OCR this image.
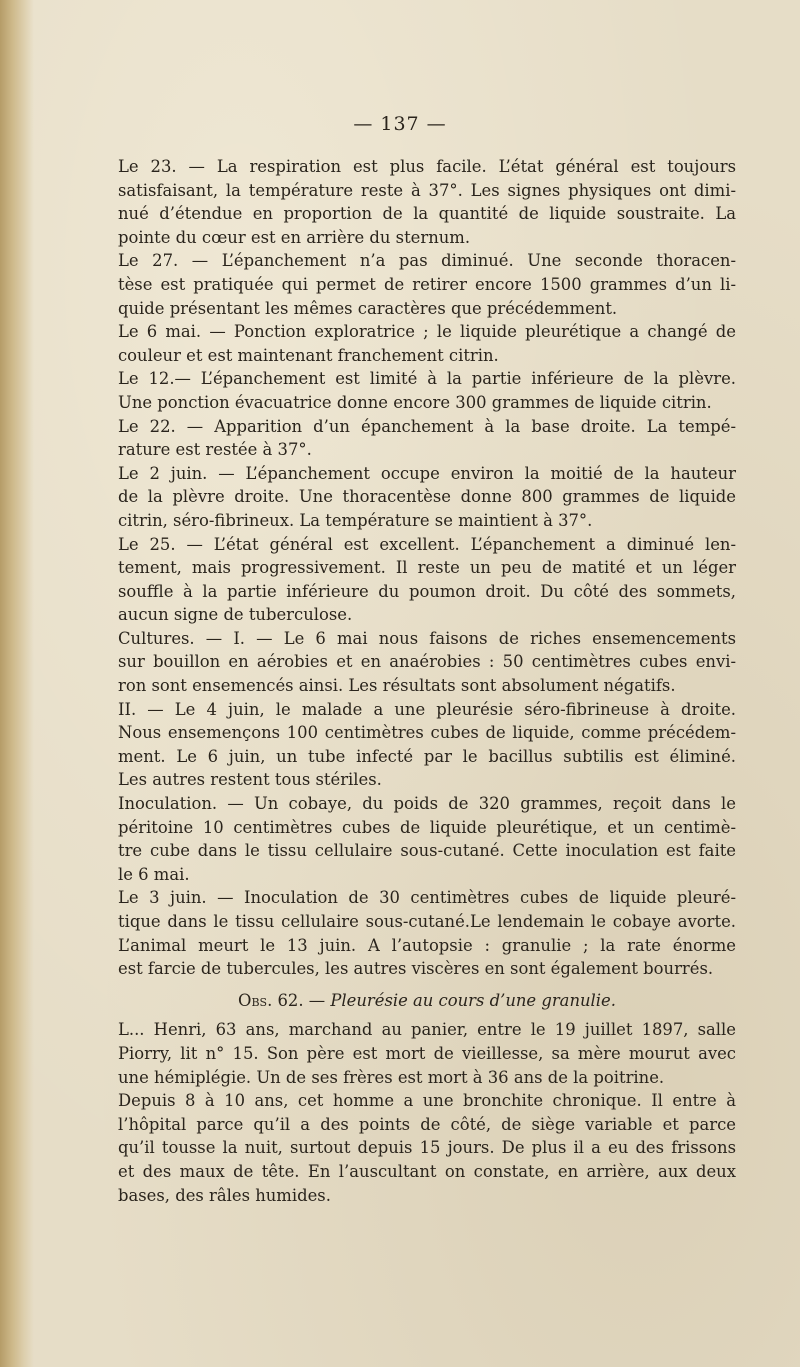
— 137 —

Le 23. — La respiration est plus facile. L’état général est toujours
satisfaisant, la température reste à 37°. Les signes physiques ont dimi-
nué d’étendue en proportion de la quantité de liquide soustraite. La
pointe du cœur est en arrière du sternum.

Le 27. — L’épanchement n’a pas diminué. Une seconde thoracen-
tèse est pratiquée qui permet de retirer encore 1500 grammes d’un li-
quide présentant les mêmes caractères que précédemment.

Le 6 mai. — Ponction exploratrice ; le liquide pleurétique a changé de
couleur et est maintenant franchement citrin.

Le 12.— L’épanchement est limité à la partie inférieure de la plèvre.
Une ponction évacuatrice donne encore 300 grammes de liquide citrin.

Le 22. — Apparition d’un épanchement à la base droite. La tempé-
rature est restée à 37°.

Le 2 juin. — L’épanchement occupe environ la moitié de la hauteur
de la plèvre droite. Une thoracentèse donne 800 grammes de liquide
citrin, séro-fibrineux. La température se maintient à 37°.

Le 25. — L’état général est excellent. L’épanchement a diminué len-
tement, mais progressivement. Il reste un peu de matité et un léger
souffle à la partie inférieure du poumon droit. Du côté des sommets,
aucun signe de tuberculose.

Cultures. — I. — Le 6 mai nous faisons de riches ensemencements
sur bouillon en aérobies et en anaérobies : 50 centimètres cubes envi-
ron sont ensemencés ainsi. Les résultats sont absolument négatifs.

II. — Le 4 juin, le malade a une pleurésie séro-fibrineuse à droite.
Nous ensemençons 100 centimètres cubes de liquide, comme précédem-
ment. Le 6 juin, un tube infecté par le bacillus subtilis est éliminé.
Les autres restent tous stériles.

Inoculation. — Un cobaye, du poids de 320 grammes, reçoit dans le
péritoine 10 centimètres cubes de liquide pleurétique, et un centimè-
tre cube dans le tissu cellulaire sous-cutané. Cette inoculation est faite
le 6 mai.

Le 3 juin. — Inoculation de 30 centimètres cubes de liquide pleuré-
tique dans le tissu cellulaire sous-cutané.Le lendemain le cobaye avorte.
L’animal meurt le 13 juin. A l’autopsie : granulie ; la rate énorme
est farcie de tubercules, les autres viscères en sont également bourrés.

Obs. 62. — Pleurésie au cours d’une granulie.

L... Henri, 63 ans, marchand au panier, entre le 19 juillet 1897, salle
Piorry, lit n° 15. Son père est mort de vieillesse, sa mère mourut avec
une hémiplégie. Un de ses frères est mort à 36 ans de la poitrine.

Depuis 8 à 10 ans, cet homme a une bronchite chronique. Il entre à
l’hôpital parce qu’il a des points de côté, de siège variable et parce
qu’il tousse la nuit, surtout depuis 15 jours. De plus il a eu des frissons
et des maux de tête. En l’auscultant on constate, en arrière, aux deux
bases, des râles humides.
